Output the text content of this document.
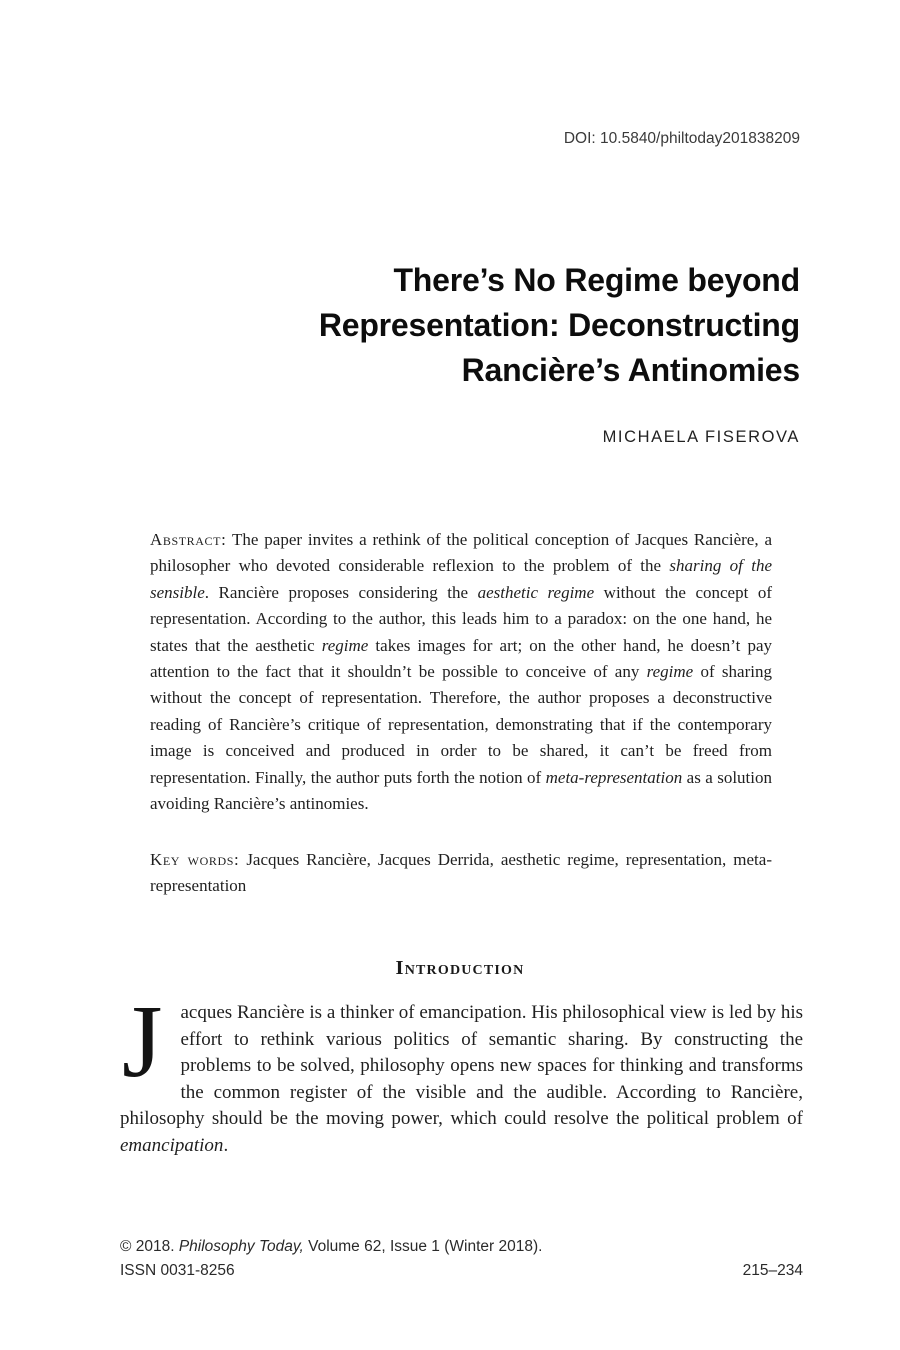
DOI: 10.5840/philtoday201838209
There’s No Regime beyond
Representation: Deconstructing
Rancière’s Antinomies
MICHAELA FISEROVA

Abstract: The paper invites a rethink of the political conception of Jacques Rancière, a philosopher who devoted considerable reflexion to the problem of the sharing of the sensible. Rancière proposes considering the aesthetic regime without the concept of representation. According to the author, this leads him to a paradox: on the one hand, he states that the aesthetic regime takes images for art; on the other hand, he doesn’t pay attention to the fact that it shouldn’t be possible to conceive of any regime of sharing without the concept of representation. Therefore, the author proposes a deconstructive reading of Rancière’s critique of representation, demonstrating that if the contemporary image is conceived and produced in order to be shared, it can’t be freed from representation. Finally, the author puts forth the notion of meta-representation as a solution avoiding Rancière’s antinomies.

Key words: Jacques Rancière, Jacques Derrida, aesthetic regime, representation, meta-representation

Introduction

Jacques Rancière is a thinker of emancipation. His philosophical view is led by his effort to rethink various politics of semantic sharing. By constructing the problems to be solved, philosophy opens new spaces for thinking and transforms the common register of the visible and the audible. According to Rancière, philosophy should be the moving power, which could resolve the political problem of emancipation.

© 2018. Philosophy Today, Volume 62, Issue 1 (Winter 2018).
ISSN 0031-8256	215–234
